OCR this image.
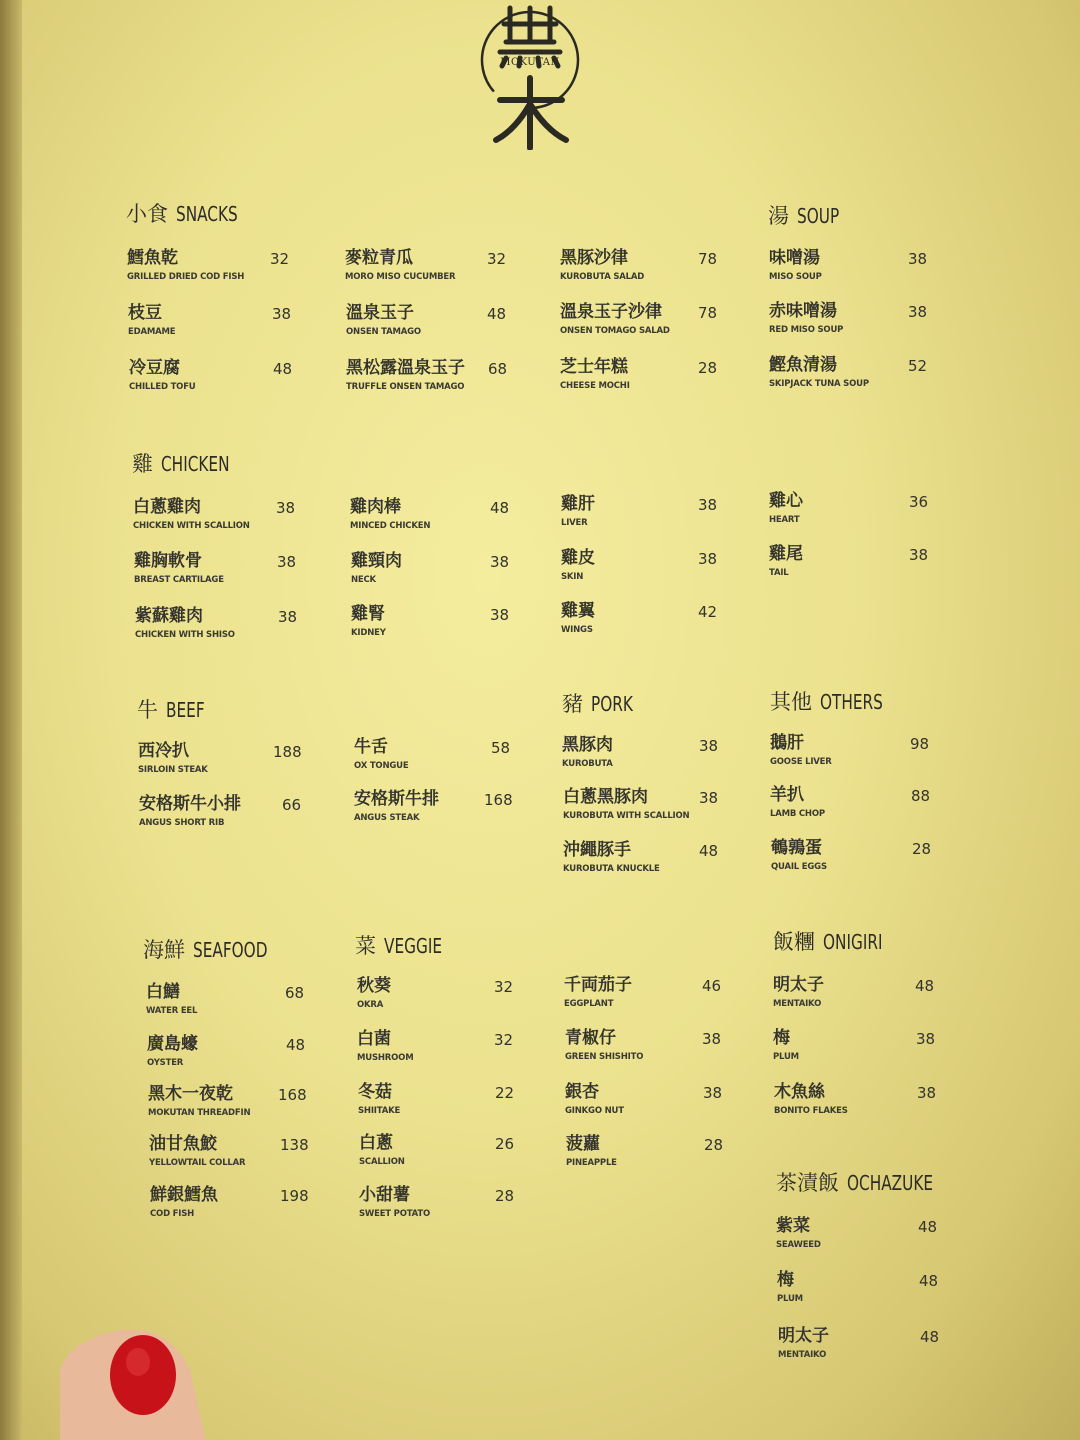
MOKUTAN
小食 SNACKS	湯 SOUP
雞 CHICKEN
牛 BEEF	豬 PORK	其他 OTHERS
海鮮 SEAFOOD	菜 VEGGIE	飯糰 ONIGIRI
茶漬飯 OCHAZUKE
鱈魚乾
GRILLED DRIED COD FISH
32
枝豆
EDAMAME
38
冷豆腐
CHILLED TOFU
48
麥粒青瓜
MORO MISO CUCUMBER
32
溫泉玉子
ONSEN TAMAGO
48
黑松露溫泉玉子
TRUFFLE ONSEN TAMAGO
68
黑豚沙律
KUROBUTA SALAD
78
溫泉玉子沙律
ONSEN TOMAGO SALAD
78
芝士年糕
CHEESE MOCHI
28
味噌湯
MISO SOUP
38
赤味噌湯
RED MISO SOUP
38
鰹魚清湯
SKIPJACK TUNA SOUP
52
白蔥雞肉
CHICKEN WITH SCALLION
38
雞胸軟骨
BREAST CARTILAGE
38
紫蘇雞肉
CHICKEN WITH SHISO
38
雞肉棒
MINCED CHICKEN
48
雞頸肉
NECK
38
雞腎
KIDNEY
38
雞肝
LIVER
38
雞皮
SKIN
38
雞翼
WINGS
42
雞心
HEART
36
雞尾
TAIL
38
西冷扒
SIRLOIN STEAK
188
安格斯牛小排
ANGUS SHORT RIB
66
牛舌
OX TONGUE
58
安格斯牛排
ANGUS STEAK
168
黑豚肉
KUROBUTA
38
白蔥黑豚肉
KUROBUTA WITH SCALLION
38
沖繩豚手
KUROBUTA KNUCKLE
48
鵝肝
GOOSE LIVER
98
羊扒
LAMB CHOP
88
鵪鶉蛋
QUAIL EGGS
28
白鱔
WATER EEL
68
廣島蠔
OYSTER
48
黑木一夜乾
MOKUTAN THREADFIN
168
油甘魚鮫
YELLOWTAIL COLLAR
138
鮮銀鱈魚
COD FISH
198
秋葵
OKRA
32
白菌
MUSHROOM
32
冬菇
SHIITAKE
22
白蔥
SCALLION
26
小甜薯
SWEET POTATO
28
千両茄子
EGGPLANT
46
青椒仔
GREEN SHISHITO
38
銀杏
GINKGO NUT
38
菠蘿
PINEAPPLE
28
明太子
MENTAIKO
48
梅
PLUM
38
木魚絲
BONITO FLAKES
38
紫菜
SEAWEED
48
梅
PLUM
48
明太子
MENTAIKO
48
